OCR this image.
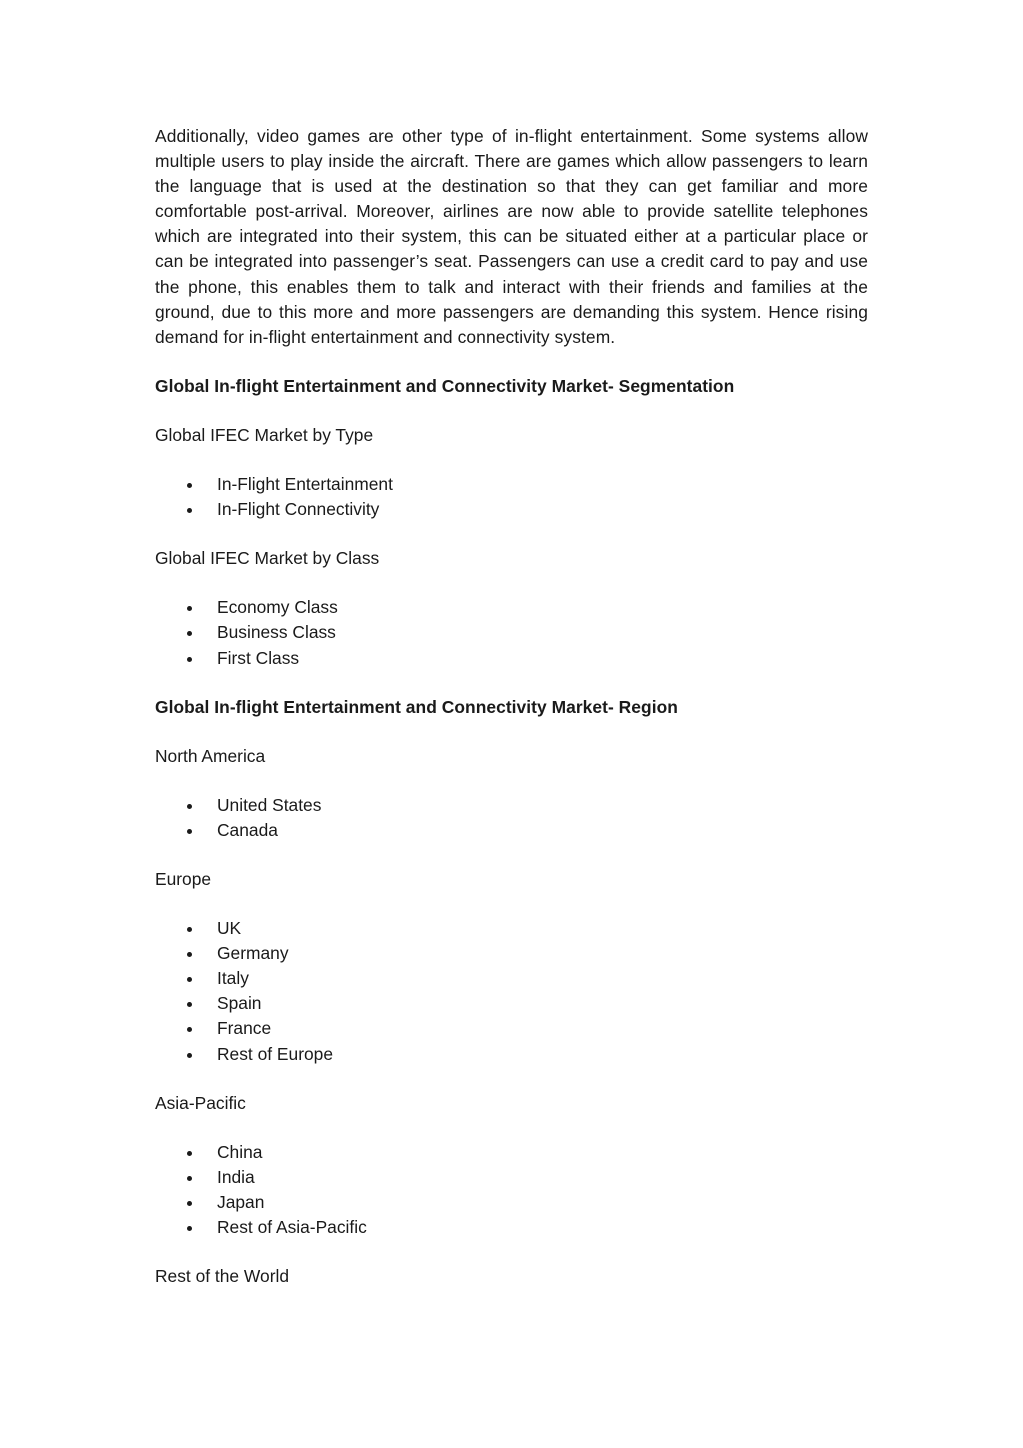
Additionally, video games are other type of in-flight entertainment. Some systems allow multiple users to play inside the aircraft. There are games which allow passengers to learn the language that is used at the destination so that they can get familiar and more comfortable post-arrival. Moreover, airlines are now able to provide satellite telephones which are integrated into their system, this can be situated either at a particular place or can be integrated into passenger’s seat. Passengers can use a credit card to pay and use the phone, this enables them to talk and interact with their friends and families at the ground, due to this more and more passengers are demanding this system. Hence rising demand for in-flight entertainment and connectivity system.

Global In-flight Entertainment and Connectivity Market- Segmentation

Global IFEC Market by Type

In-Flight Entertainment
In-Flight Connectivity

Global IFEC Market by Class

Economy Class
Business Class
First Class

Global In-flight Entertainment and Connectivity Market- Region

North America

United States
Canada

Europe

UK
Germany
Italy
Spain
France
Rest of Europe

Asia-Pacific

China
India
Japan
Rest of Asia-Pacific

Rest of the World
